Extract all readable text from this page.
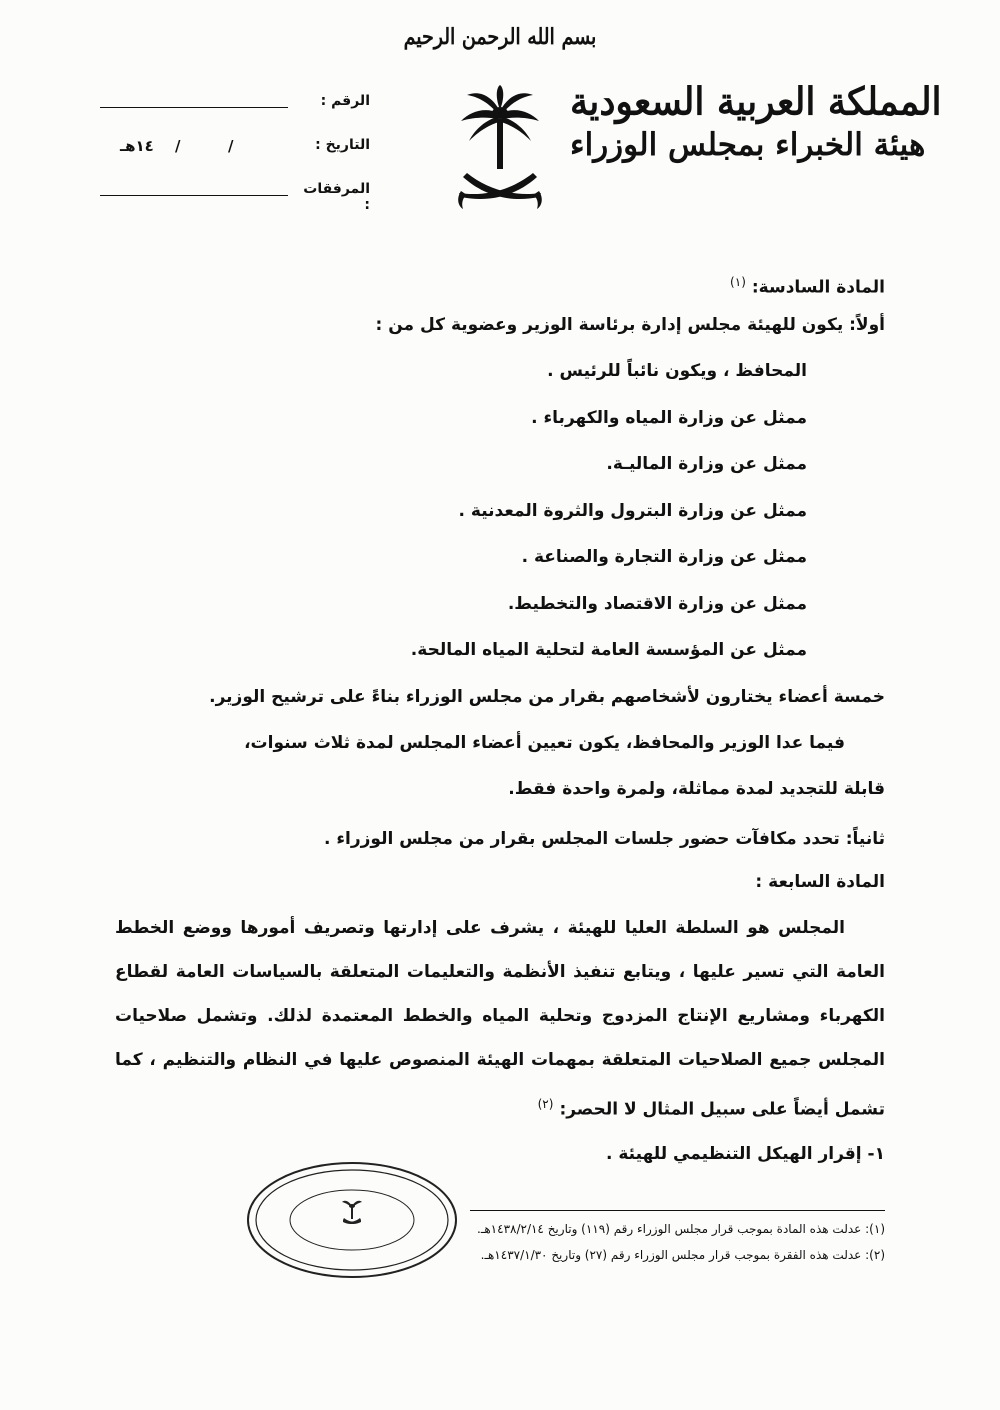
بسم الله الرحمن الرحيم
المملكة العربية السعودية
هيئة الخبراء بمجلس الوزراء
الرقم :
التاريخ :
١٤هـ /	/
المرفقات :
المادة السادسة:$^{(١)}$
أولاً: يكون للهيئة مجلس إدارة برئاسة الوزير وعضوية كل من :
المحافظ ، ويكون نائباً للرئيس .
ممثل عن وزارة المياه والكهرباء .
ممثل عن وزارة الماليـة.
ممثل عن وزارة البترول والثروة المعدنية .
ممثل عن وزارة التجارة والصناعة .
ممثل عن وزارة الاقتصاد والتخطيط.
ممثل عن المؤسسة العامة لتحلية المياه المالحة.
خمسة أعضاء يختارون لأشخاصهم بقرار من مجلس الوزراء بناءً على ترشيح الوزير.
فيما عدا الوزير والمحافظ، يكون تعيين أعضاء المجلس لمدة ثلاث سنوات،
قابلة للتجديد لمدة مماثلة، ولمرة واحدة فقط.
ثانياً: تحدد مكافآت حضور جلسات المجلس بقرار من مجلس الوزراء .
المادة السابعة :
المجلس هو السلطة العليا للهيئة ، يشرف على إدارتها وتصريف أمورها ووضع الخطط
العامة التي تسير عليها ، ويتابع تنفيذ الأنظمة والتعليمات المتعلقة بالسياسات العامة لقطاع
الكهرباء ومشاريع الإنتاج المزدوج وتحلية المياه والخطط المعتمدة لذلك. وتشمل صلاحيات
المجلس جميع الصلاحيات المتعلقة بمهمات الهيئة المنصوص عليها في النظام والتنظيم ، كما
تشمل أيضاً على سبيل المثال لا الحصر:$^{(٢)}$
١- إقرار الهيكل التنظيمي للهيئة .
(١): عدلت هذه المادة بموجب قرار مجلس الوزراء رقم (١١٩) وتاريخ ١٤٣٨/٢/١٤هـ.
(٢): عدلت هذه الفقرة بموجب قرار مجلس الوزراء رقم (٢٧) وتاريخ ١٤٣٧/١/٣٠هـ.
